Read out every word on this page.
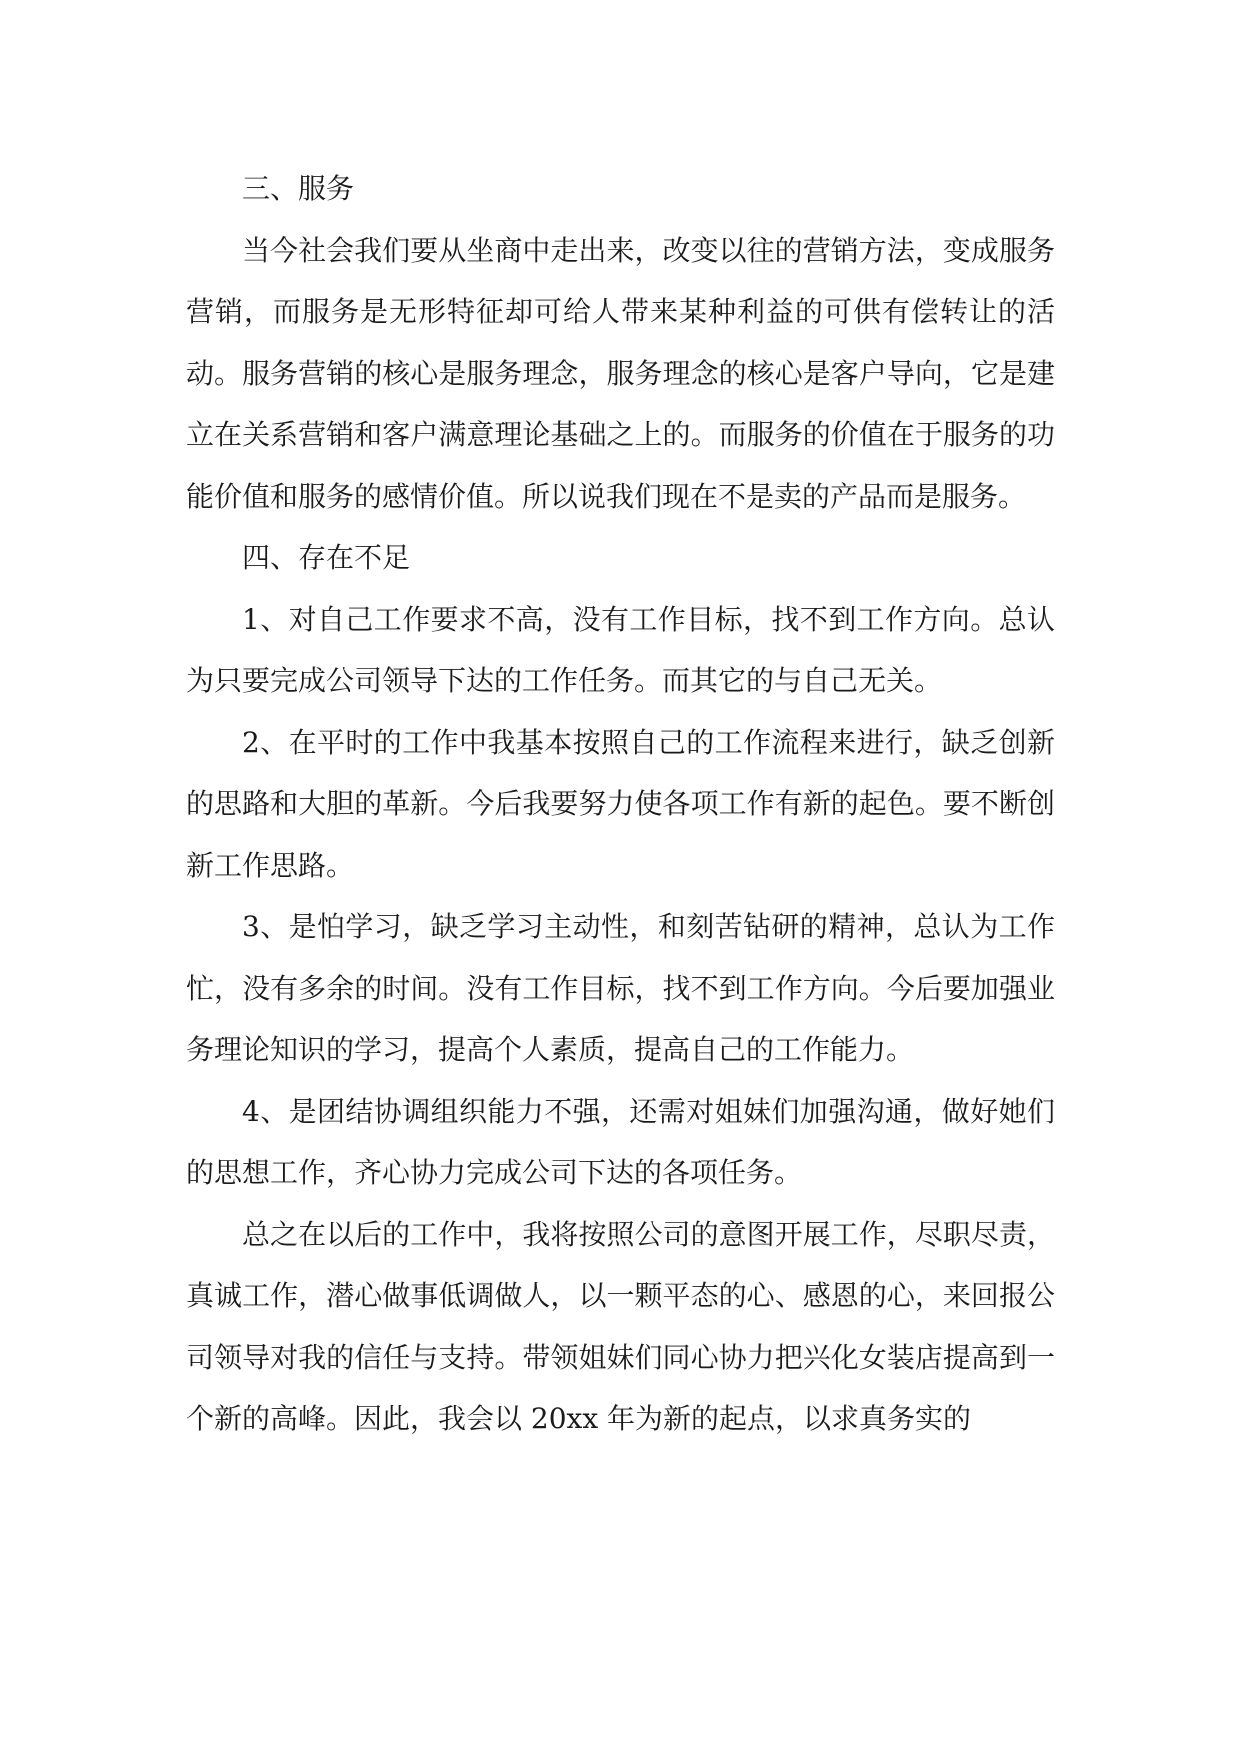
三、服务

当今社会我们要从坐商中走出来，改变以往的营销方法，变成服务营销，而服务是无形特征却可给人带来某种利益的可供有偿转让的活动。服务营销的核心是服务理念，服务理念的核心是客户导向，它是建立在关系营销和客户满意理论基础之上的。而服务的价值在于服务的功能价值和服务的感情价值。所以说我们现在不是卖的产品而是服务。

四、存在不足

1、对自己工作要求不高，没有工作目标，找不到工作方向。总认为只要完成公司领导下达的工作任务。而其它的与自己无关。

2、在平时的工作中我基本按照自己的工作流程来进行，缺乏创新的思路和大胆的革新。今后我要努力使各项工作有新的起色。要不断创新工作思路。

3、是怕学习，缺乏学习主动性，和刻苦钻研的精神，总认为工作忙，没有多余的时间。没有工作目标，找不到工作方向。今后要加强业务理论知识的学习，提高个人素质，提高自己的工作能力。

4、是团结协调组织能力不强，还需对姐妹们加强沟通，做好她们的思想工作，齐心协力完成公司下达的各项任务。

总之在以后的工作中，我将按照公司的意图开展工作，尽职尽责，真诚工作，潜心做事低调做人，以一颗平态的心、感恩的心，来回报公司领导对我的信任与支持。带领姐妹们同心协力把兴化女装店提高到一个新的高峰。因此，我会以 20xx 年为新的起点，以求真务实的
